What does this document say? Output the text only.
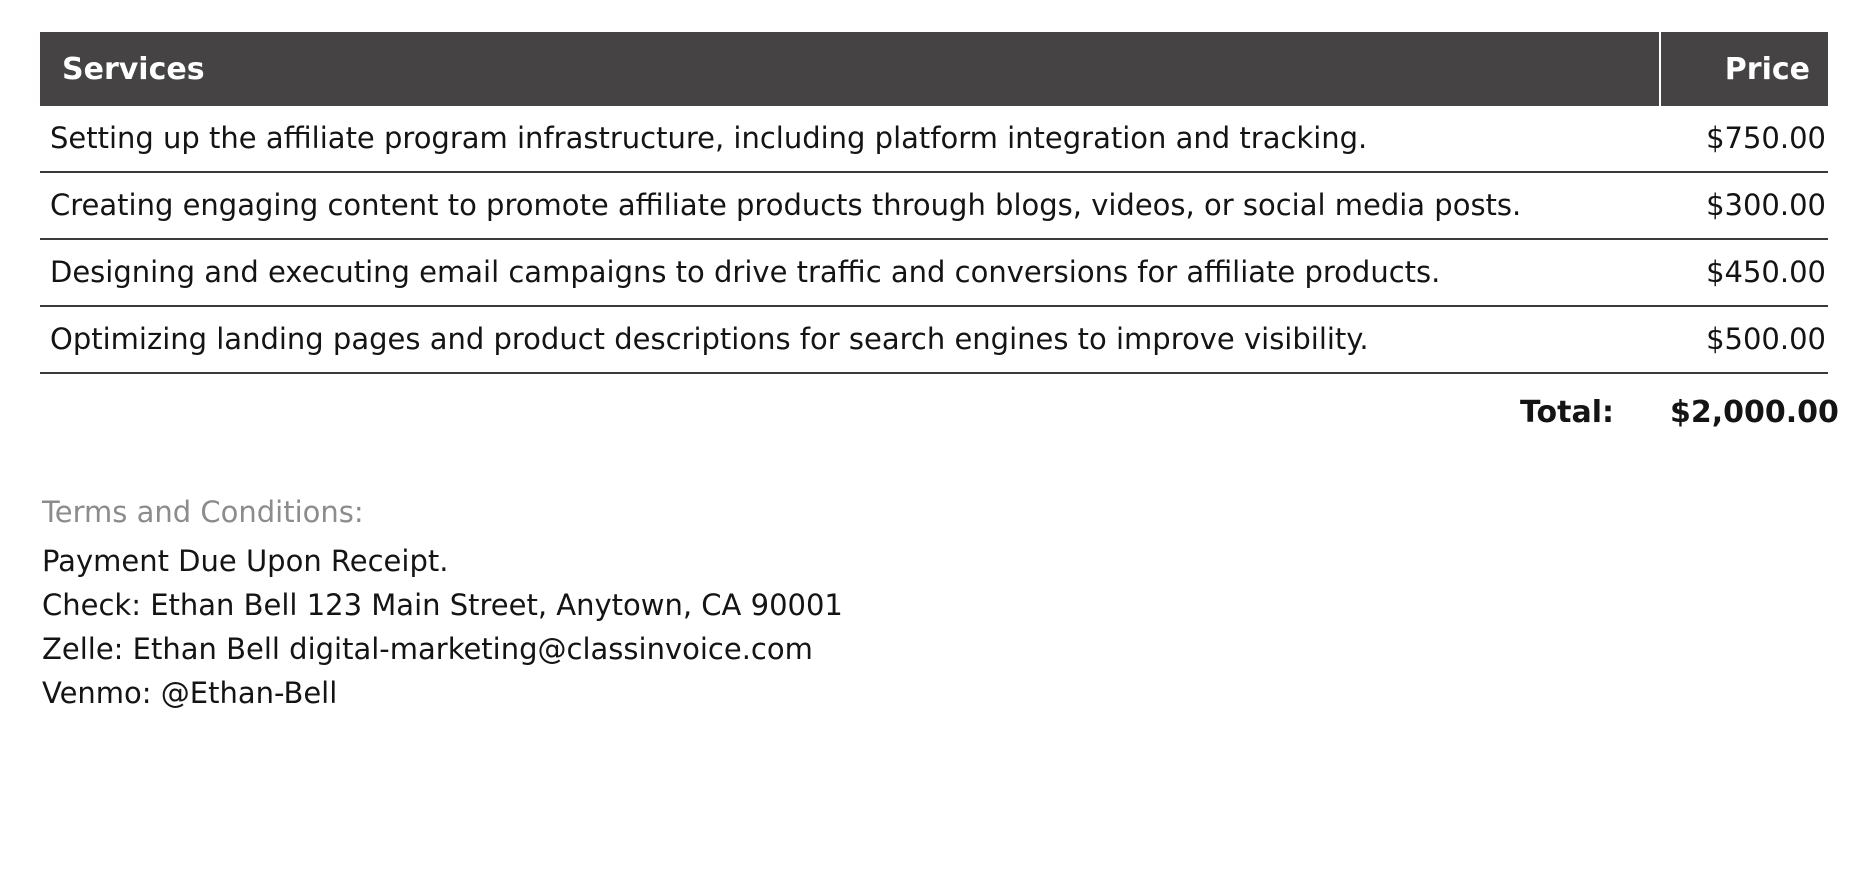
Services	Price
Setting up the affiliate program infrastructure, including platform integration and tracking.	$750.00
Creating engaging content to promote affiliate products through blogs, videos, or social media posts.	$300.00
Designing and executing email campaigns to drive traffic and conversions for affiliate products.	$450.00
Optimizing landing pages and product descriptions for search engines to improve visibility.	$500.00
Total:	$2,000.00
Terms and Conditions:
Payment Due Upon Receipt.
Check: Ethan Bell 123 Main Street, Anytown, CA 90001
Zelle: Ethan Bell digital-marketing@classinvoice.com
Venmo: @Ethan-Bell
